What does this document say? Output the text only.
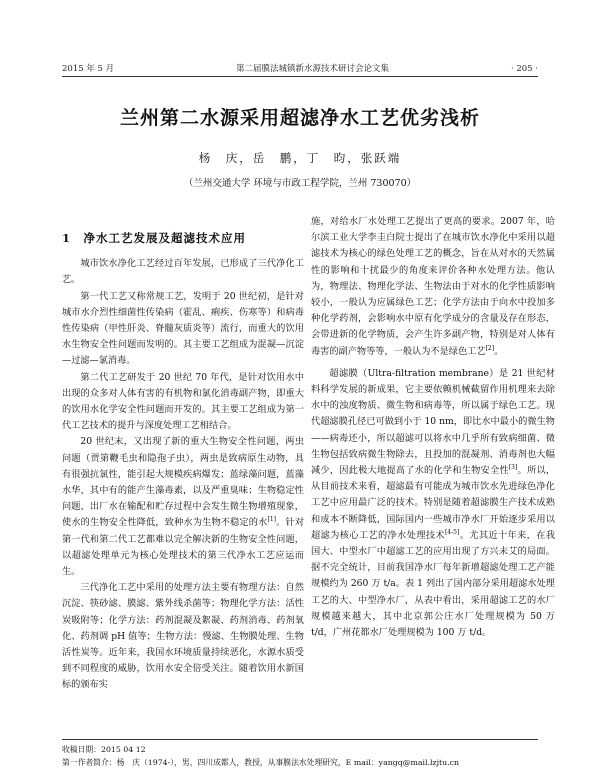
2015 年 5 月	第二届膜法城镇新水源技术研讨会论文集	· 205 ·
兰州第二水源采用超滤净水工艺优劣浅析
杨　庆，岳　鹏，丁　昀，张跃端
（兰州交通大学 环境与市政工程学院，兰州 730070）
1　净水工艺发展及超滤技术应用

城市饮水净化工艺经过百年发展，已形成了三代净化工艺。

第一代工艺又称常规工艺，发明于 20 世纪初，是针对城市水介烈性细菌性传染病（霍乱、痢疾、伤寒等）和病毒性传染病（甲性肝炎、脊髓灰质炎等）流行，而重大的饮用水生物安全性问题而发明的。其主要工艺组成为混凝—沉淀—过滤—氯消毒。

第二代工艺研发于 20 世纪 70 年代，是针对饮用水中出现的众多对人体有害的有机物和氯化消毒副产物，即重大的饮用水化学安全性问题而开发的。其主要工艺组成为第一代工艺技术的提升与深度处理工艺相结合。

20 世纪末，又出现了新的重大生物安全性问题，两虫问题（贾第鞭毛虫和隐孢子虫），两虫是致病原生动物，具有很强抗氯性，能引起大规模疾病爆发；蓝绿藻问题，蓝藻水华，其中有的能产生藻毒素，以及严重臭味；生物稳定性问题，出厂水在输配和贮存过程中会发生微生物增殖现象，使水的生物安全性降低，致种水为生物不稳定的水[1]。针对第一代和第二代工艺都难以完全解决新的生物安全性问题，以超滤处理单元为核心处理技术的第三代净水工艺应运而生。

三代净化工艺中采用的处理方法主要有物理方法：自然沉淀、筷砂滤、膜滤、紫外线杀菌等；物理化学方法：活性炭吸附等；化学方法：药剂混凝及絮凝、药剂消毒、药剂氧化、药剂调 pH 值等；生物方法：慢滤、生物膜处理、生物活性炭等。近年来，我国水环境质量持续恶化，水源水质受到不同程度的威胁，饮用水安全倍受关注。随着饮用水新国标的颁布实

施，对给水厂水处理工艺提出了更高的要求。2007 年，哈尔滨工业大学李圭白院士提出了在城市饮水净化中采用以超滤技术为核心的绿色处理工艺的概念，旨在从对水的天然属性的影响和十扰最少的角度来评价各种水处理方法。他认为，物理法、物理化学法、生物法由于对水的化学性质影响较小，一般认为应属绿色工艺；化学方法由于向水中投加多种化学药剂，会影响水中原有化学成分的含量及存在形态，会带进新的化学物质，会产生许多副产物，特别是对人体有毒害的副产物等等，一般认为不是绿色工艺[2]。

超滤膜（Ultra-filtration membrane）是 21 世纪材料科学发展的新成果，它主要依赖机械截留作用机理来去除水中的浊度物质、微生物和病毒等，所以属于绿色工艺。现代超滤膜孔径已可做到小于 10 nm，即比水中最小的微生物——病毒还小，所以超滤可以将水中几乎所有致病细菌、微生物包括致病微生物除去，且投加的混凝剂、消毒剂也大幅减少，因此极大地提高了水的化学和生物安全性[3]。所以，从目前技术来看，超滤最有可能成为城市饮水先进绿色净化工艺中应用最广泛的技术。特别是随着超滤膜生产技术成熟和成本不断降低，国际国内一些城市净水厂开始逐步采用以超滤为核心工艺的净水处理技术[4-5]。尤其近十年来，在我国大、中型水厂中超滤工艺的应用出现了方兴未艾的局面。据不完全统计，目前我国净水厂每年新增超滤处理工艺产能规模约为 260 万 t/a。表 1 列出了国内部分采用超滤水处理工艺的大、中型净水厂，从表中看出，采用超滤工艺的水厂规模越来越大，其中北京郭公庄水厂处理规模为 50 万 t/d，广州花都水厂处理规模为 100 万 t/d。

收稿日期：2015 04 12
第一作者简介：杨　庆（1974-），男，四川成都人，教授，从事膜法水处理研究，E mail：yangq@mail.lzjtu.cn
